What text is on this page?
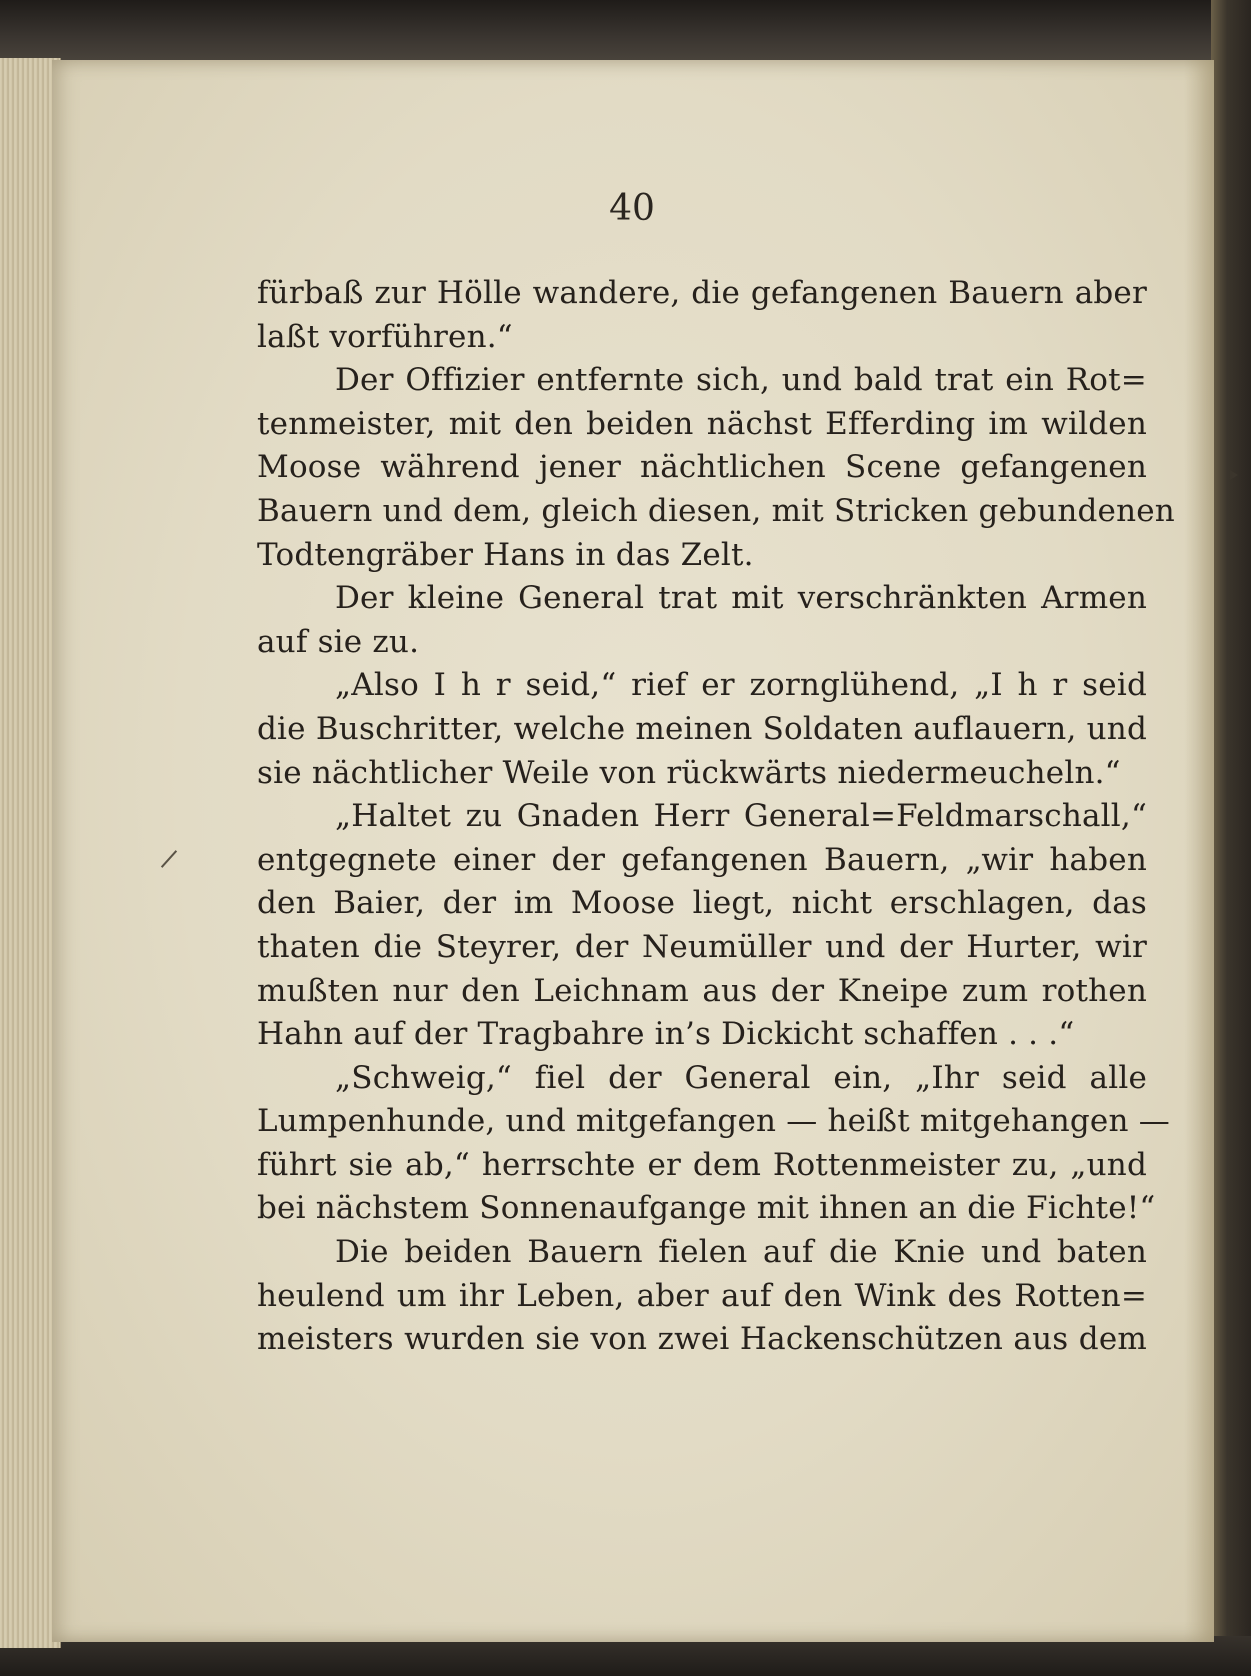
40
fürbaß zur Hölle wandere, die gefangenen Bauern aber
laßt vorführen.“
Der Offizier entfernte sich, und bald trat ein Rot=
tenmeister, mit den beiden nächst Efferding im wilden
Moose während jener nächtlichen Scene gefangenen
Bauern und dem, gleich diesen, mit Stricken gebundenen
Todtengräber Hans in das Zelt.
Der kleine General trat mit verschränkten Armen
auf sie zu.
„Also I h r seid,“ rief er zornglühend, „I h r seid
die Buschritter, welche meinen Soldaten auflauern, und
sie nächtlicher Weile von rückwärts niedermeucheln.“
„Haltet zu Gnaden Herr General=Feldmarschall,“
entgegnete einer der gefangenen Bauern, „wir haben
den Baier, der im Moose liegt, nicht erschlagen, das
thaten die Steyrer, der Neumüller und der Hurter, wir
mußten nur den Leichnam aus der Kneipe zum rothen
Hahn auf der Tragbahre in’s Dickicht schaffen . . .“
„Schweig,“ fiel der General ein, „Ihr seid alle
Lumpenhunde, und mitgefangen — heißt mitgehangen —
führt sie ab,“ herrschte er dem Rottenmeister zu, „und
bei nächstem Sonnenaufgange mit ihnen an die Fichte!“
Die beiden Bauern fielen auf die Knie und baten
heulend um ihr Leben, aber auf den Wink des Rotten=
meisters wurden sie von zwei Hackenschützen aus dem
